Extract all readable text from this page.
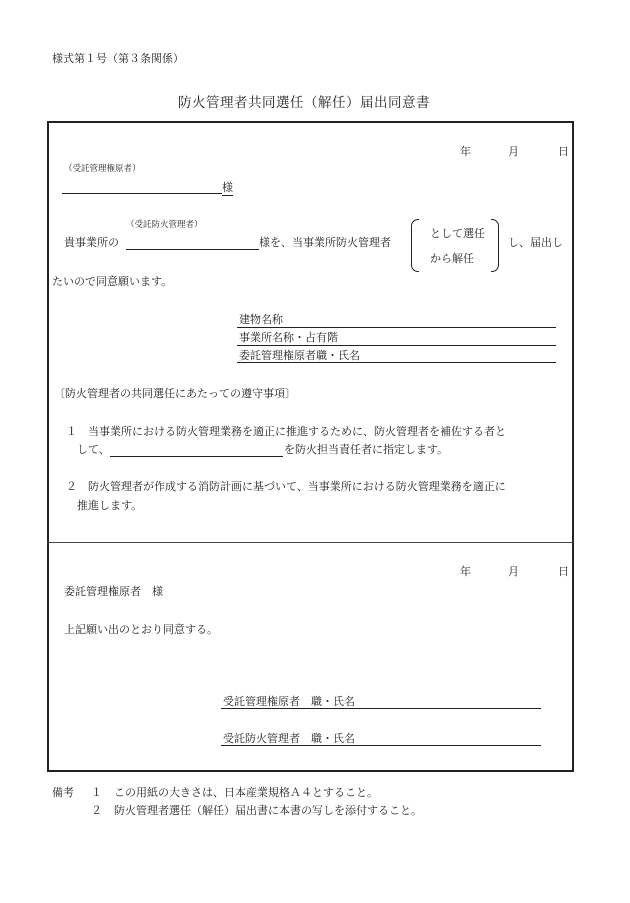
様式第１号（第３条関係）
防火管理者共同選任（解任）届出同意書
年	月	日
（受託管理権原者）
様
（受託防火管理者）
貴事業所の	様を、当事業所防火管理者
として選任
から解任
し、届出し
たいので同意願います。
建物名称
事業所名称・占有階
委託管理権原者職・氏名
〔防火管理者の共同選任にあたっての遵守事項〕
１ 当事業所における防火管理業務を適正に推進するために、防火管理者を補佐する者と
して、	を防火担当責任者に指定します。
２ 防火管理者が作成する消防計画に基づいて、当事業所における防火管理業務を適正に
推進します。
年	月	日
委託管理権原者　様
上記願い出のとおり同意する。
受託管理権原者　職・氏名
受託防火管理者　職・氏名
備考 １ この用紙の大きさは、日本産業規格Ａ４とすること。
２ 防火管理者選任（解任）届出書に本書の写しを添付すること。
